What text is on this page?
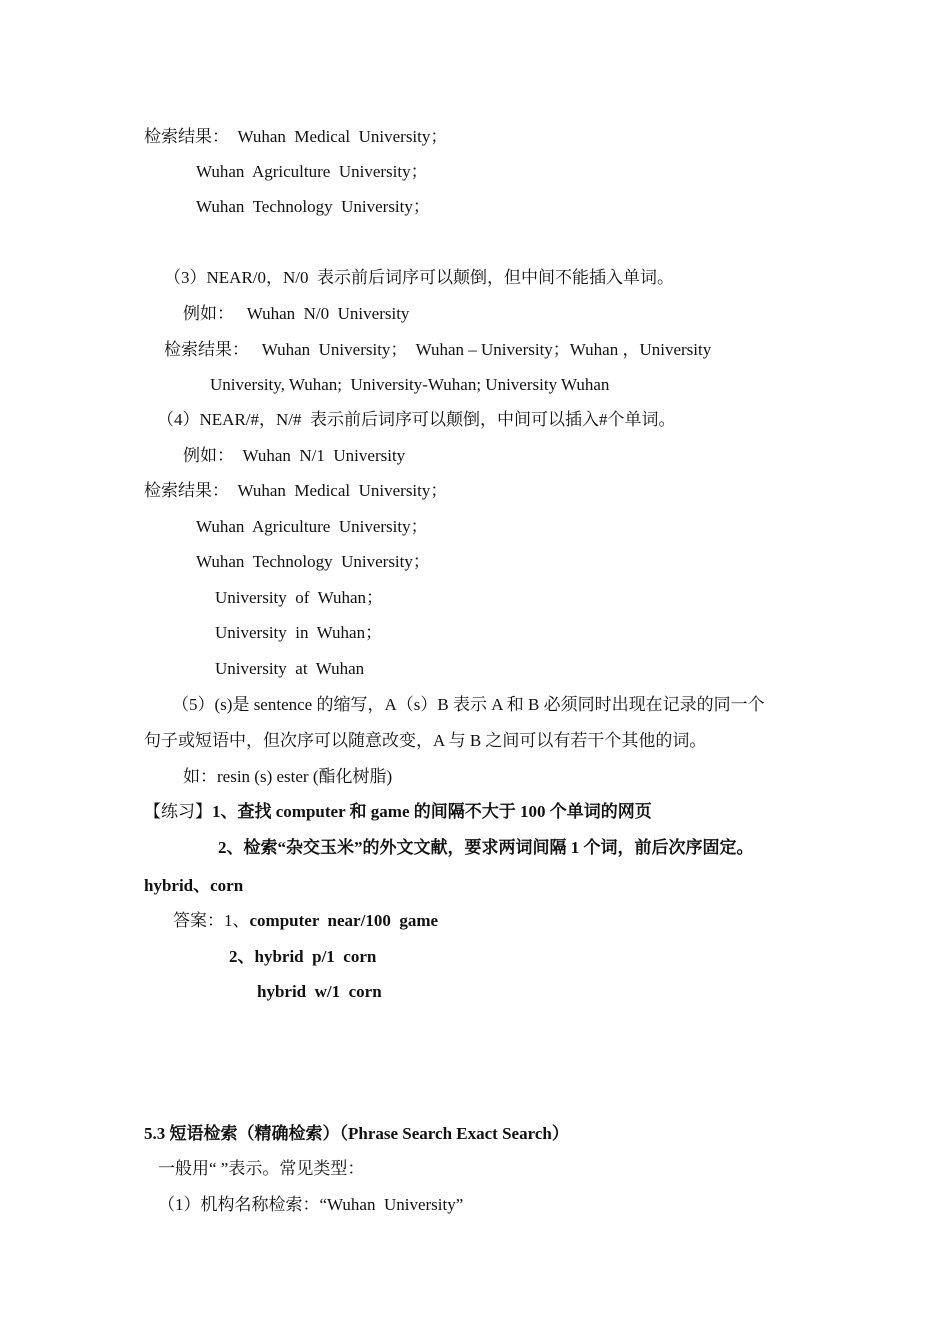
检索结果：  Wuhan  Medical  University；
Wuhan  Agriculture  University；
Wuhan  Technology  University；
（3）NEAR/0，N/0  表示前后词序可以颠倒，但中间不能插入单词。
例如：   Wuhan  N/0  University
检索结果：   Wuhan  University；  Wuhan – University；Wuhan ，University
University, Wuhan;  University-Wuhan; University Wuhan
（4）NEAR/#，N/#  表示前后词序可以颠倒，中间可以插入#个单词。
例如：  Wuhan  N/1  University
检索结果：  Wuhan  Medical  University；
Wuhan  Agriculture  University；
Wuhan  Technology  University；
University  of  Wuhan；
University  in  Wuhan；
University  at  Wuhan
（5）(s)是 sentence 的缩写，A（s）B 表示 A 和 B 必须同时出现在记录的同一个
句子或短语中，但次序可以随意改变，A 与 B 之间可以有若干个其他的词。
如：resin (s) ester (酯化树脂)
【练习】1、查找 computer 和 game 的间隔不大于 100 个单词的网页
2、检索“杂交玉米”的外文文献，要求两词间隔 1 个词，前后次序固定。
hybrid、corn
答案：1、computer  near/100  game
2、hybrid  p/1  corn
hybrid  w/1  corn
5.3 短语检索（精确检索）（Phrase Search Exact Search）
一般用“ ”表示。常见类型：
（1）机构名称检索：“Wuhan  University”
